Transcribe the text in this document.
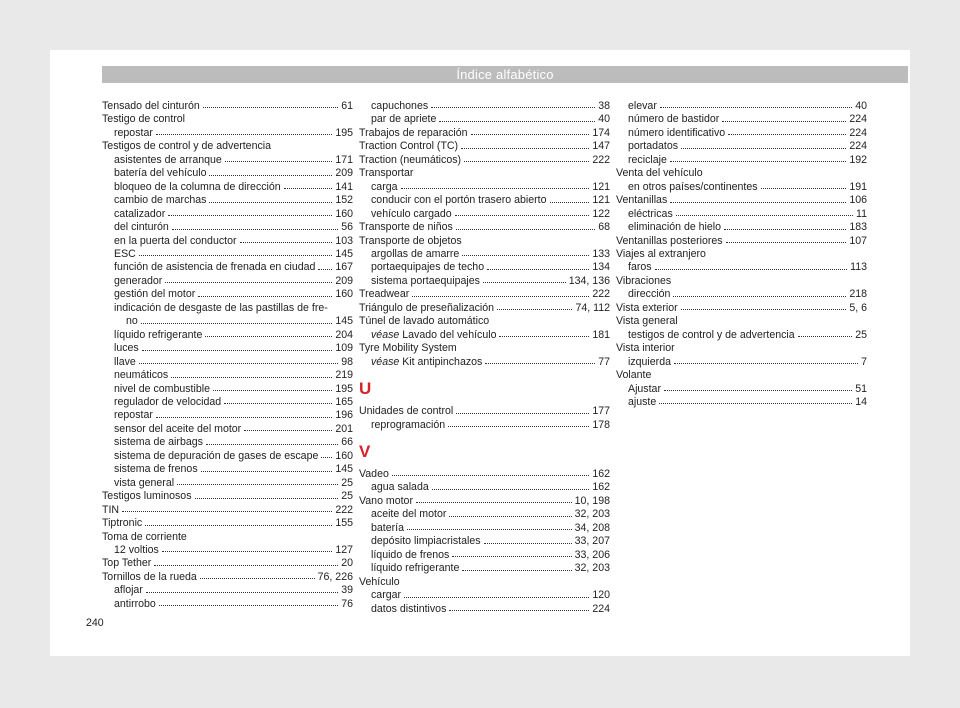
Índice alfabético
Tensado del cinturón	61
Testigo de control
repostar	195
Testigos de control y de advertencia
asistentes de arranque	171
batería del vehículo	209
bloqueo de la columna de dirección	141
cambio de marchas	152
catalizador	160
del cinturón	56
en la puerta del conductor	103
ESC	145
función de asistencia de frenada en ciudad 167
generador	209
gestión del motor	160
indicación de desgaste de las pastillas de fre-
no	145
líquido refrigerante	204
luces	109
llave	98
neumáticos	219
nivel de combustible	195
regulador de velocidad	165
repostar	196
sensor del aceite del motor	201
sistema de airbags	66
sistema de depuración de gases de escape 160
sistema de frenos	145
vista general	25
Testigos luminosos	25
TIN	222
Tiptronic	155
Toma de corriente
12 voltios	127
Top Tether	20
Tornillos de la rueda	76, 226
aflojar	39
antirrobo	76
capuchones	38
par de apriete	40
Trabajos de reparación	174
Traction Control (TC)	147
Traction (neumáticos)	222
Transportar
carga	121
conducir con el portón trasero abierto	121
vehículo cargado	122
Transporte de niños	68
Transporte de objetos
argollas de amarre	133
portaequipajes de techo	134
sistema portaequipajes	134, 136
Treadwear	222
Triángulo de preseñalización	74, 112
Túnel de lavado automático
véase Lavado del vehículo	181
Tyre Mobility System
véase Kit antipinchazos	77
U
Unidades de control	177
reprogramación	178
V
Vadeo	162
agua salada	162
Vano motor	10, 198
aceite del motor	32, 203
batería	34, 208
depósito limpiacristales	33, 207
líquido de frenos	33, 206
líquido refrigerante	32, 203
Vehículo
cargar	120
datos distintivos	224
elevar	40
número de bastidor	224
número identificativo	224
portadatos	224
reciclaje	192
Venta del vehículo
en otros países/continentes	191
Ventanillas	106
eléctricas	11
eliminación de hielo	183
Ventanillas posteriores	107
Viajes al extranjero
faros	113
Vibraciones
dirección	218
Vista exterior	5, 6
Vista general
testigos de control y de advertencia	25
Vista interior
izquierda	7
Volante
Ajustar	51
ajuste	14
240
